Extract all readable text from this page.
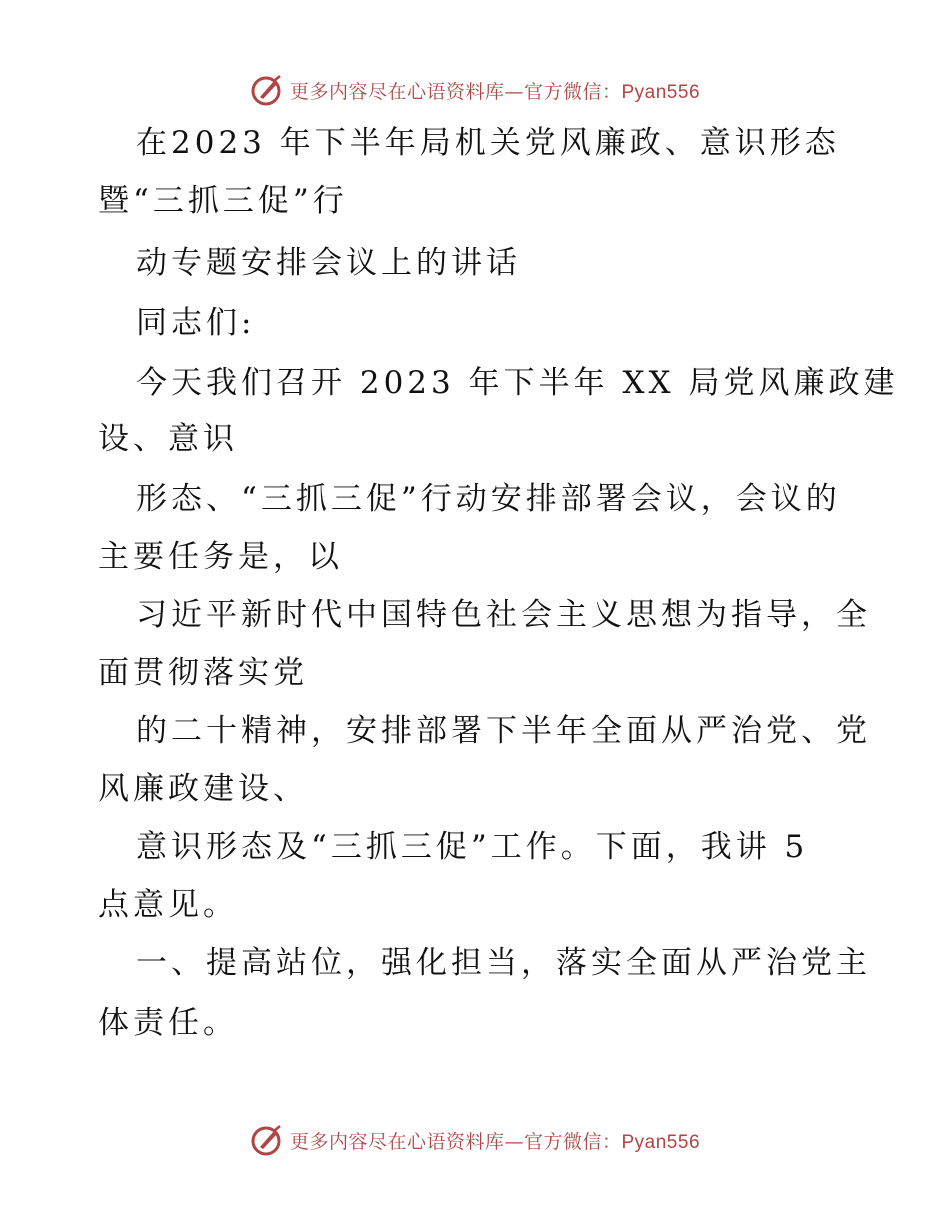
更多内容尽在心语资料库—官方微信：Pyan556
在2023 年下半年局机关党风廉政、意识形态
暨“三抓三促”行
动专题安排会议上的讲话
同志们:
今天我们召开 2023 年下半年 XX 局党风廉政建
设、意识
形态、“三抓三促”行动安排部署会议，会议的
主要任务是，以
习近平新时代中国特色社会主义思想为指导，全
面贯彻落实党
的二十精神，安排部署下半年全面从严治党、党
风廉政建设、
意识形态及“三抓三促”工作。下面，我讲 5
点意见。
一、提高站位，强化担当，落实全面从严治党主
体责任。
更多内容尽在心语资料库—官方微信：Pyan556
